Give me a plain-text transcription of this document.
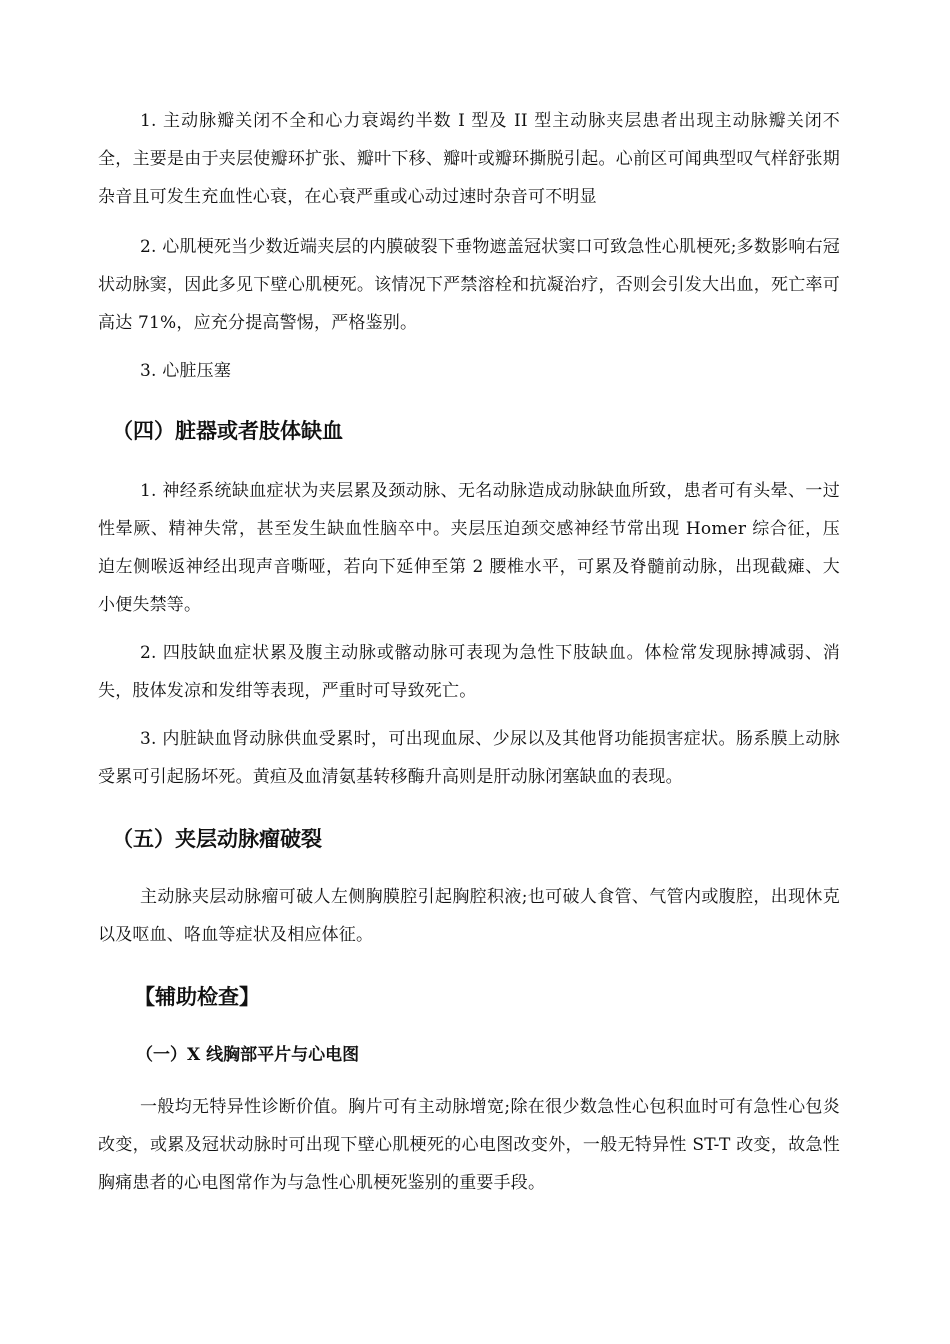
1. 主动脉瓣关闭不全和心力衰竭约半数 I 型及 II 型主动脉夹层患者出现主动脉瓣关闭不全，主要是由于夹层使瓣环扩张、瓣叶下移、瓣叶或瓣环撕脱引起。心前区可闻典型叹气样舒张期杂音且可发生充血性心衰，在心衰严重或心动过速时杂音可不明显

2. 心肌梗死当少数近端夹层的内膜破裂下垂物遮盖冠状窦口可致急性心肌梗死;多数影响右冠状动脉窦，因此多见下壁心肌梗死。该情况下严禁溶栓和抗凝治疗，否则会引发大出血，死亡率可高达 71%，应充分提高警惕，严格鉴别。

3. 心脏压塞

（四）脏器或者肢体缺血

1. 神经系统缺血症状为夹层累及颈动脉、无名动脉造成动脉缺血所致，患者可有头晕、一过性晕厥、精神失常，甚至发生缺血性脑卒中。夹层压迫颈交感神经节常出现 Homer 综合征，压迫左侧喉返神经出现声音嘶哑，若向下延伸至第 2 腰椎水平，可累及脊髓前动脉，出现截瘫、大小便失禁等。

2. 四肢缺血症状累及腹主动脉或髂动脉可表现为急性下肢缺血。体检常发现脉搏减弱、消失，肢体发凉和发绀等表现，严重时可导致死亡。

3. 内脏缺血肾动脉供血受累时，可出现血尿、少尿以及其他肾功能损害症状。肠系膜上动脉受累可引起肠坏死。黄疸及血清氨基转移酶升高则是肝动脉闭塞缺血的表现。

（五）夹层动脉瘤破裂

主动脉夹层动脉瘤可破人左侧胸膜腔引起胸腔积液;也可破人食管、气管内或腹腔，出现休克以及呕血、咯血等症状及相应体征。

【辅助检查】
（一）X 线胸部平片与心电图

一般均无特异性诊断价值。胸片可有主动脉增宽;除在很少数急性心包积血时可有急性心包炎改变，或累及冠状动脉时可出现下壁心肌梗死的心电图改变外，一般无特异性 ST-T 改变，故急性胸痛患者的心电图常作为与急性心肌梗死鉴别的重要手段。
